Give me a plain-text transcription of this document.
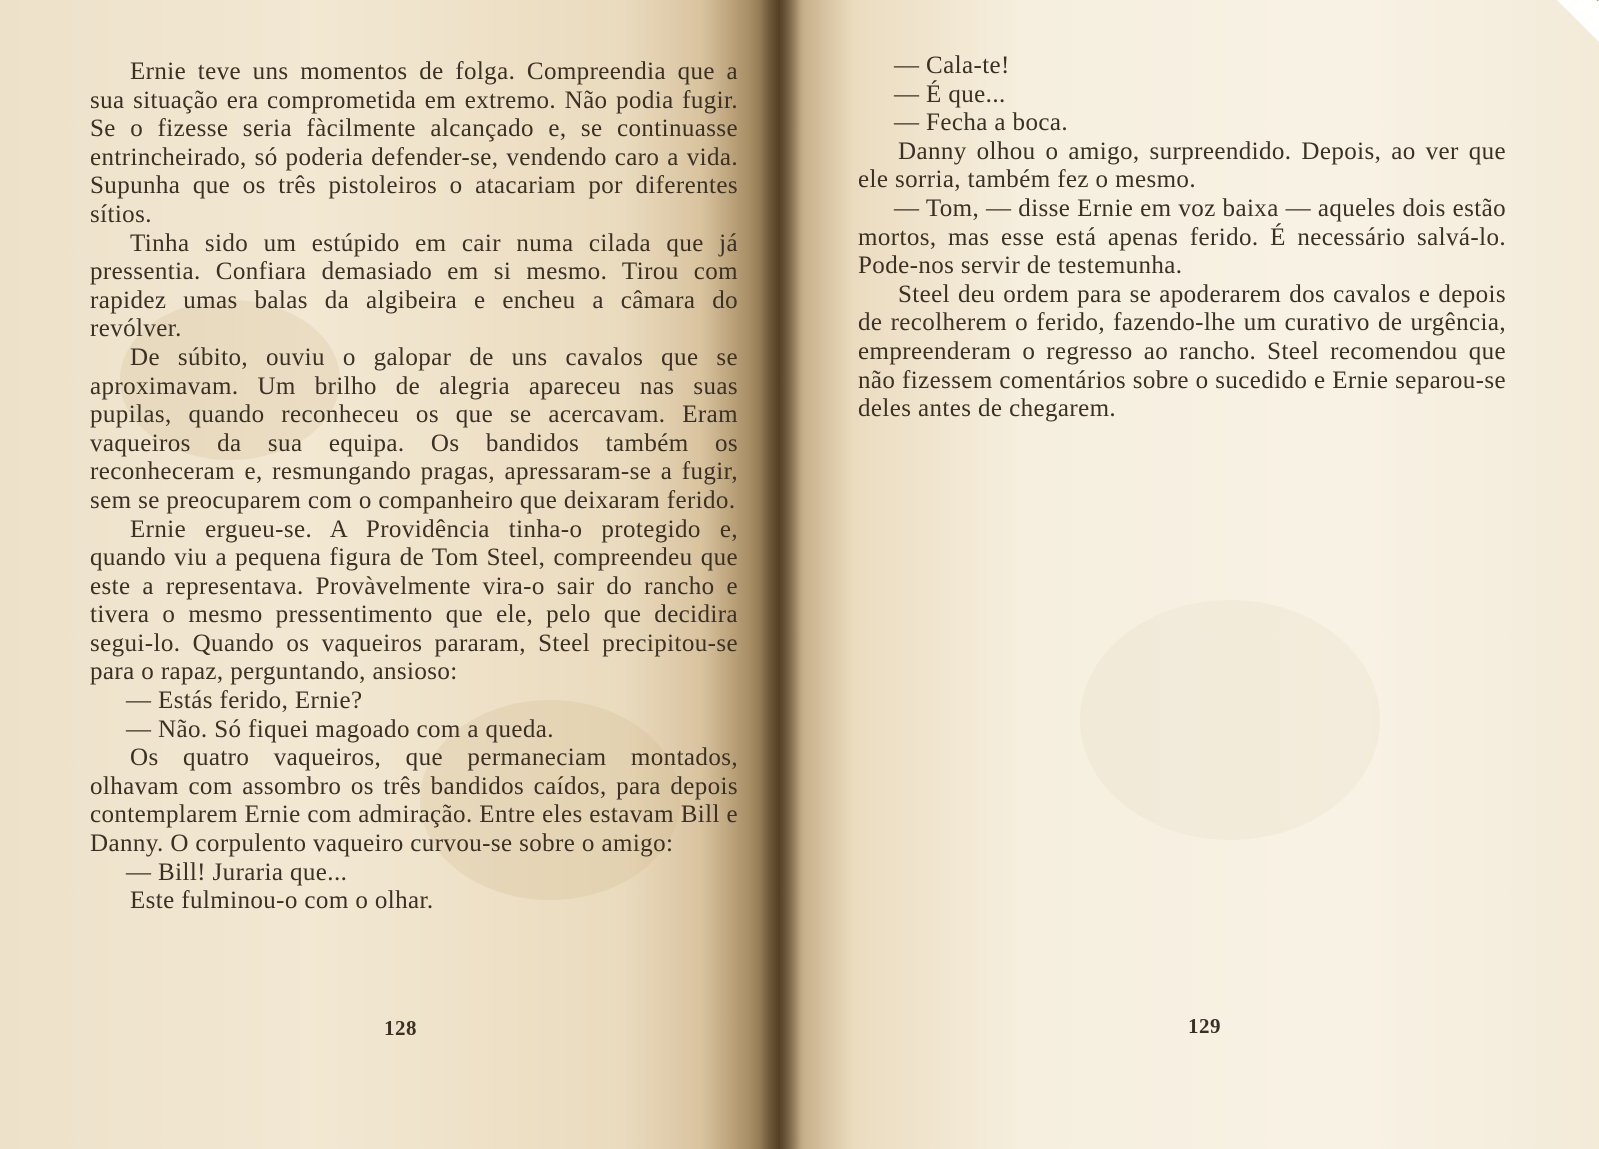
Ernie teve uns momentos de folga. Compreendia que a sua situação era comprometida em extremo. Não podia fugir. Se o fizesse seria fàcilmente alcançado e, se continuasse entrincheirado, só poderia defender-se, vendendo caro a vida. Supunha que os três pistoleiros o atacariam por diferentes sítios.

Tinha sido um estúpido em cair numa cilada que já pressentia. Confiara demasiado em si mesmo. Tirou com rapidez umas balas da algibeira e encheu a câmara do revólver.

De súbito, ouviu o galopar de uns cavalos que se aproximavam. Um brilho de alegria apareceu nas suas pupilas, quando reconheceu os que se acercavam. Eram vaqueiros da sua equipa. Os bandidos também os reconheceram e, resmungando pragas, apressaram-se a fugir, sem se preocuparem com o companheiro que deixaram ferido.

Ernie ergueu-se. A Providência tinha-o protegido e, quando viu a pequena figura de Tom Steel, compreendeu que este a representava. Provàvelmente vira-o sair do rancho e tivera o mesmo pressentimento que ele, pelo que decidira segui-lo. Quando os vaqueiros pararam, Steel precipitou-se para o rapaz, perguntando, ansioso:

— Estás ferido, Ernie?

— Não. Só fiquei magoado com a queda.

Os quatro vaqueiros, que permaneciam montados, olhavam com assombro os três bandidos caídos, para depois contemplarem Ernie com admiração. Entre eles estavam Bill e Danny. O corpulento vaqueiro curvou-se sobre o amigo:

— Bill! Juraria que...

Este fulminou-o com o olhar.

128

— Cala-te!

— É que...

— Fecha a boca.

Danny olhou o amigo, surpreendido. Depois, ao ver que ele sorria, também fez o mesmo.

— Tom, — disse Ernie em voz baixa — aqueles dois estão mortos, mas esse está apenas ferido. É necessário salvá-lo. Pode-nos servir de testemunha.

Steel deu ordem para se apoderarem dos cavalos e depois de recolherem o ferido, fazendo-lhe um curativo de urgência, empreenderam o regresso ao rancho. Steel recomendou que não fizessem comentários sobre o sucedido e Ernie separou-se deles antes de chegarem.

129
